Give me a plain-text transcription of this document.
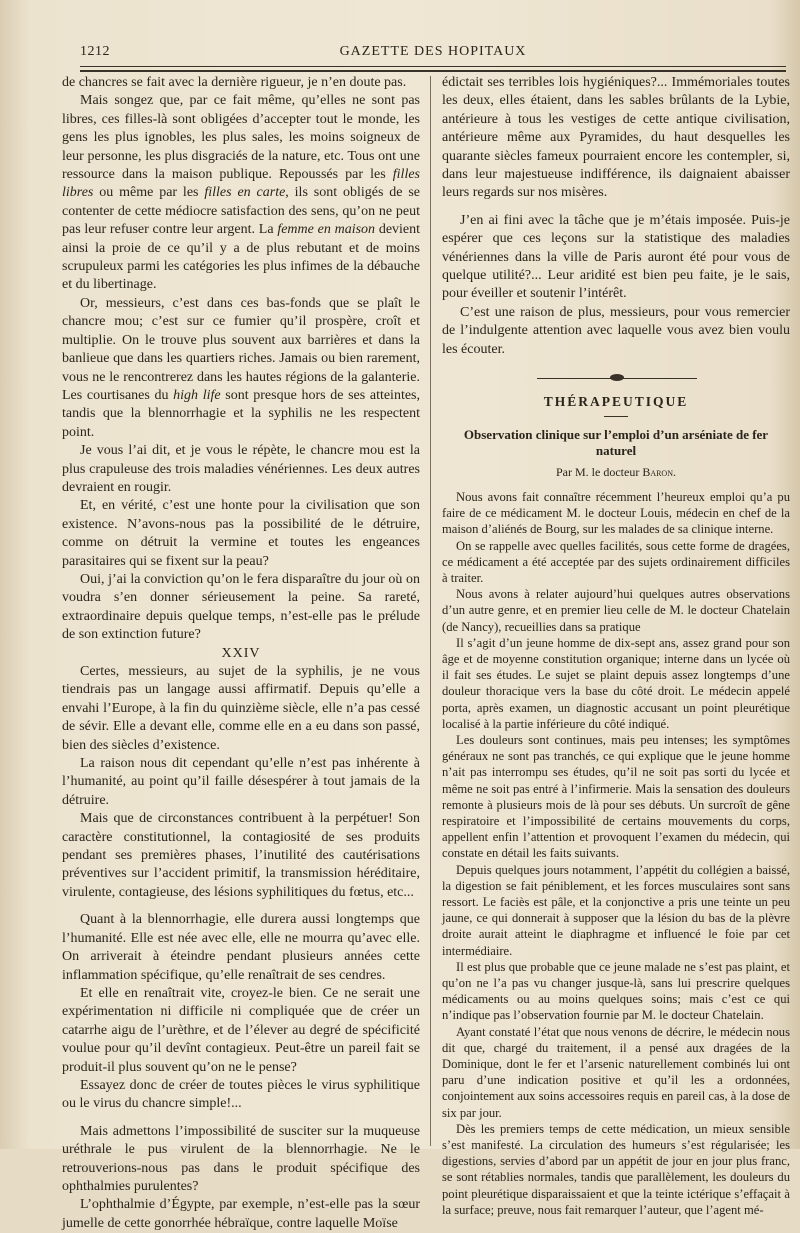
1212	GAZETTE DES HOPITAUX

de chancres se fait avec la dernière rigueur, je n’en doute pas.

Mais songez que, par ce fait même, qu’elles ne sont pas libres, ces filles-là sont obligées d’accepter tout le monde, les gens les plus ignobles, les plus sales, les moins soigneux de leur personne, les plus disgraciés de la nature, etc. Tous ont une ressource dans la maison publique. Repoussés par les filles libres ou même par les filles en carte, ils sont obligés de se contenter de cette médiocre satisfaction des sens, qu’on ne peut pas leur refuser contre leur argent. La femme en maison devient ainsi la proie de ce qu’il y a de plus rebutant et de moins scrupuleux parmi les catégories les plus infimes de la débauche et du libertinage.

Or, messieurs, c’est dans ces bas-fonds que se plaît le chancre mou; c’est sur ce fumier qu’il prospère, croît et multiplie. On le trouve plus souvent aux barrières et dans la banlieue que dans les quartiers riches. Jamais ou bien rarement, vous ne le rencontrerez dans les hautes régions de la galanterie. Les courtisanes du high life sont presque hors de ses atteintes, tandis que la blennorrhagie et la syphilis ne les respectent point.

Je vous l’ai dit, et je vous le répète, le chancre mou est la plus crapuleuse des trois maladies vénériennes. Les deux autres devraient en rougir.

Et, en vérité, c’est une honte pour la civilisation que son existence. N’avons-nous pas la possibilité de le détruire, comme on détruit la vermine et toutes les engeances parasitaires qui se fixent sur la peau?

Oui, j’ai la conviction qu’on le fera disparaître du jour où on voudra s’en donner sérieusement la peine. Sa rareté, extraordinaire depuis quelque temps, n’est-elle pas le prélude de son extinction future?

XXIV

Certes, messieurs, au sujet de la syphilis, je ne vous tiendrais pas un langage aussi affirmatif. Depuis qu’elle a envahi l’Europe, à la fin du quinzième siècle, elle n’a pas cessé de sévir. Elle a devant elle, comme elle en a eu dans son passé, bien des siècles d’existence.

La raison nous dit cependant qu’elle n’est pas inhérente à l’humanité, au point qu’il faille désespérer à tout jamais de la détruire.

Mais que de circonstances contribuent à la perpétuer! Son caractère constitutionnel, la contagiosité de ses produits pendant ses premières phases, l’inutilité des cautérisations préventives sur l’accident primitif, la transmission héréditaire, virulente, contagieuse, des lésions syphilitiques du fœtus, etc...

Quant à la blennorrhagie, elle durera aussi longtemps que l’humanité. Elle est née avec elle, elle ne mourra qu’avec elle. On arriverait à éteindre pendant plusieurs années cette inflammation spécifique, qu’elle renaîtrait de ses cendres.

Et elle en renaîtrait vite, croyez-le bien. Ce ne serait une expérimentation ni difficile ni compliquée que de créer un catarrhe aigu de l’urèthre, et de l’élever au degré de spécificité voulue pour qu’il devînt contagieux. Peut-être un pareil fait se produit-il plus souvent qu’on ne le pense?

Essayez donc de créer de toutes pièces le virus syphilitique ou le virus du chancre simple!...

Mais admettons l’impossibilité de susciter sur la muqueuse uréthrale le pus virulent de la blennorrhagie. Ne le retrouverions-nous pas dans le produit spécifique des ophthalmies purulentes?

L’ophthalmie d’Égypte, par exemple, n’est-elle pas la sœur jumelle de cette gonorrhée hébraïque, contre laquelle Moïse

édictait ses terribles lois hygiéniques?... Immémoriales toutes les deux, elles étaient, dans les sables brûlants de la Lybie, antérieure à tous les vestiges de cette antique civilisation, antérieure même aux Pyramides, du haut desquelles les quarante siècles fameux pourraient encore les contempler, si, dans leur majestueuse indifférence, ils daignaient abaisser leurs regards sur nos misères.

J’en ai fini avec la tâche que je m’étais imposée. Puis-je espérer que ces leçons sur la statistique des maladies vénériennes dans la ville de Paris auront été pour vous de quelque utilité?... Leur aridité est bien peu faite, je le sais, pour éveiller et soutenir l’intérêt.

C’est une raison de plus, messieurs, pour vous remercier de l’indulgente attention avec laquelle vous avez bien voulu les écouter.

THÉRAPEUTIQUE
Observation clinique sur l’emploi d’un arséniate de fer naturel
Par M. le docteur Baron.

Nous avons fait connaître récemment l’heureux emploi qu’a pu faire de ce médicament M. le docteur Louis, médecin en chef de la maison d’aliénés de Bourg, sur les malades de sa clinique interne.

On se rappelle avec quelles facilités, sous cette forme de dragées, ce médicament a été acceptée par des sujets ordinairement difficiles à traiter.

Nous avons à relater aujourd’hui quelques autres observations d’un autre genre, et en premier lieu celle de M. le docteur Chatelain (de Nancy), recueillies dans sa pratique

Il s’agit d’un jeune homme de dix-sept ans, assez grand pour son âge et de moyenne constitution organique; interne dans un lycée où il fait ses études. Le sujet se plaint depuis assez longtemps d’une douleur thoracique vers la base du côté droit. Le médecin appelé porta, après examen, un diagnostic accusant un point pleurétique localisé à la partie inférieure du côté indiqué.

Les douleurs sont continues, mais peu intenses; les symptômes généraux ne sont pas tranchés, ce qui explique que le jeune homme n’ait pas interrompu ses études, qu’il ne soit pas sorti du lycée et même ne soit pas entré à l’infirmerie. Mais la sensation des douleurs remonte à plusieurs mois de là pour ses débuts. Un surcroît de gêne respiratoire et l’impossibilité de certains mouvements du corps, appellent enfin l’attention et provoquent l’examen du médecin, qui constate en détail les faits suivants.

Depuis quelques jours notamment, l’appétit du collégien a baissé, la digestion se fait péniblement, et les forces musculaires sont sans ressort. Le faciès est pâle, et la conjonctive a pris une teinte un peu jaune, ce qui donnerait à supposer que la lésion du bas de la plèvre droite aurait atteint le diaphragme et influencé le foie par cet intermédiaire.

Il est plus que probable que ce jeune malade ne s’est pas plaint, et qu’on ne l’a pas vu changer jusque-là, sans lui prescrire quelques médicaments ou au moins quelques soins; mais c’est ce qui n’indique pas l’observation fournie par M. le docteur Chatelain.

Ayant constaté l’état que nous venons de décrire, le médecin nous dit que, chargé du traitement, il a pensé aux dragées de la Dominique, dont le fer et l’arsenic naturellement combinés lui ont paru d’une indication positive et qu’il les a ordonnées, conjointement aux soins accessoires requis en pareil cas, à la dose de six par jour.

Dès les premiers temps de cette médication, un mieux sensible s’est manifesté. La circulation des humeurs s’est régularisée; les digestions, servies d’abord par un appétit de jour en jour plus franc, se sont rétablies normales, tandis que parallèlement, les douleurs du point pleurétique disparaissaient et que la teinte ictérique s’effaçait à la surface; preuve, nous fait remarquer l’auteur, que l’agent mé-
